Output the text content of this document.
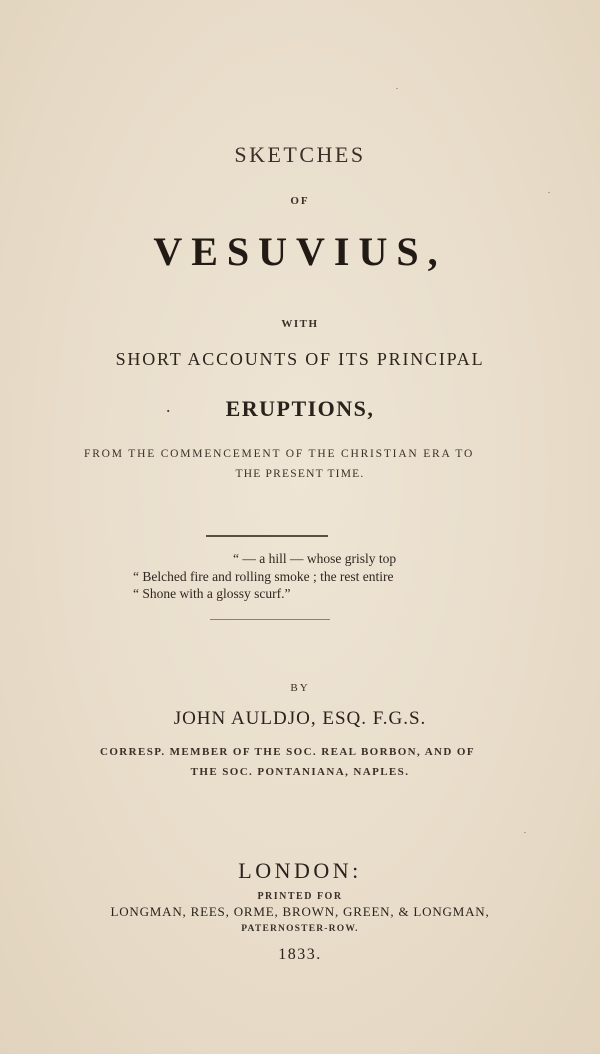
SKETCHES
OF
VESUVIUS,
WITH
SHORT ACCOUNTS OF ITS PRINCIPAL
.	ERUPTIONS,
FROM THE COMMENCEMENT OF THE CHRISTIAN ERA TO
THE PRESENT TIME.
“ — a hill — whose grisly top
“ Belched fire and rolling smoke ; the rest entire
“ Shone with a glossy scurf.”
BY
JOHN AULDJO, ESQ. F.G.S.
CORRESP. MEMBER OF THE SOC. REAL BORBON, AND OF
THE SOC. PONTANIANA, NAPLES.
LONDON:
PRINTED FOR
LONGMAN, REES, ORME, BROWN, GREEN, & LONGMAN,
PATERNOSTER-ROW.
1833.
